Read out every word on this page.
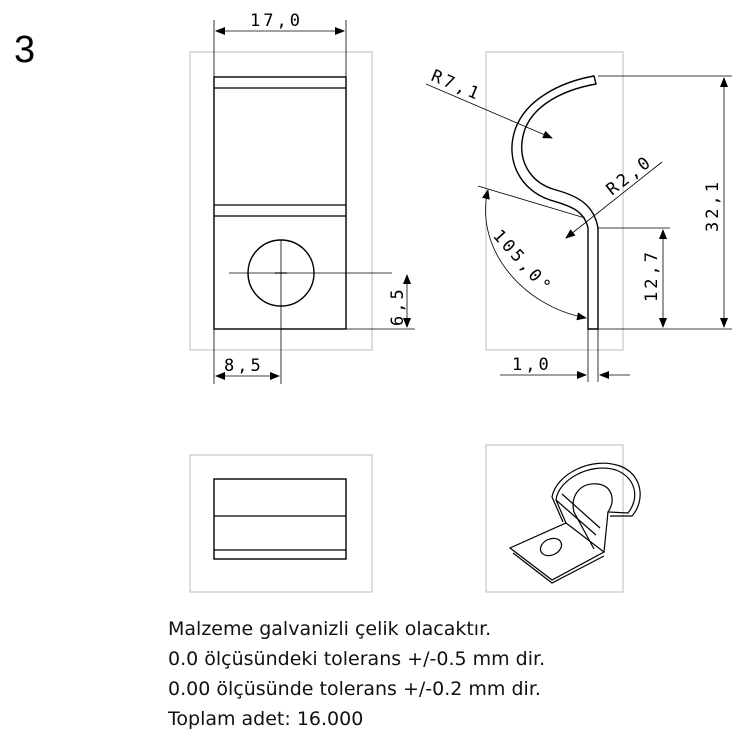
3
17,0
8,5
6,5
R7,1
R2,0
105,0°
32,1
12,7
1,0
Malzeme galvanizli çelik olacaktır.
0.0 ölçüsündeki tolerans +/-0.5 mm dir.
0.00 ölçüsünde tolerans +/-0.2 mm dir.
Toplam adet: 16.000
